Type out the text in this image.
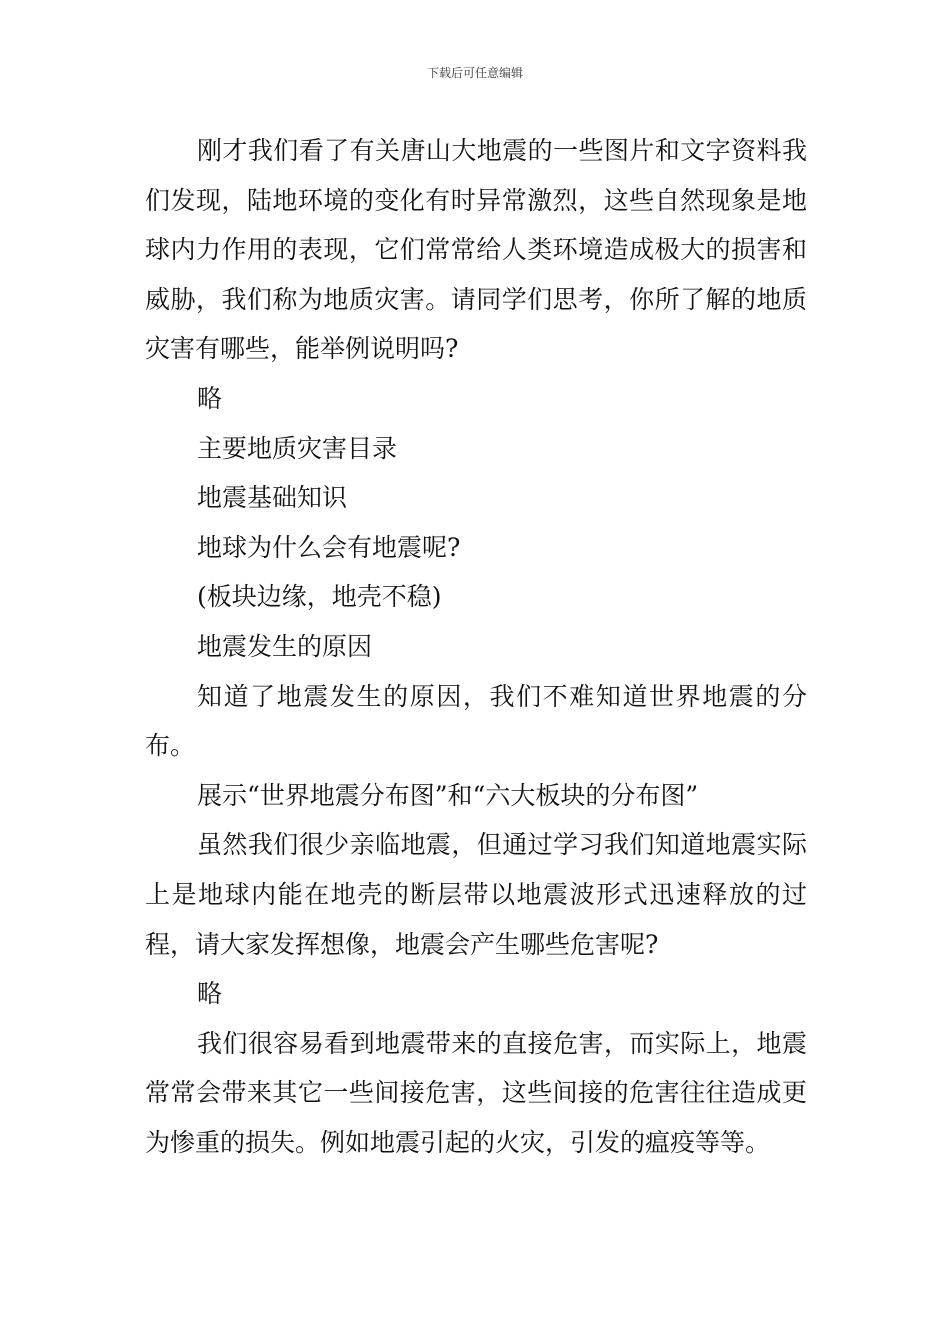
下载后可任意编辑

刚才我们看了有关唐山大地震的一些图片和文字资料我们发现，陆地环境的变化有时异常激烈，这些自然现象是地球内力作用的表现，它们常常给人类环境造成极大的损害和威胁，我们称为地质灾害。请同学们思考，你所了解的地质灾害有哪些，能举例说明吗?

略

主要地质灾害目录

地震基础知识

地球为什么会有地震呢?

(板块边缘，地壳不稳)

地震发生的原因

知道了地震发生的原因，我们不难知道世界地震的分布。

展示“世界地震分布图”和“六大板块的分布图”

虽然我们很少亲临地震，但通过学习我们知道地震实际上是地球内能在地壳的断层带以地震波形式迅速释放的过程，请大家发挥想像，地震会产生哪些危害呢?

略

我们很容易看到地震带来的直接危害，而实际上，地震常常会带来其它一些间接危害，这些间接的危害往往造成更为惨重的损失。例如地震引起的火灾，引发的瘟疫等等。
